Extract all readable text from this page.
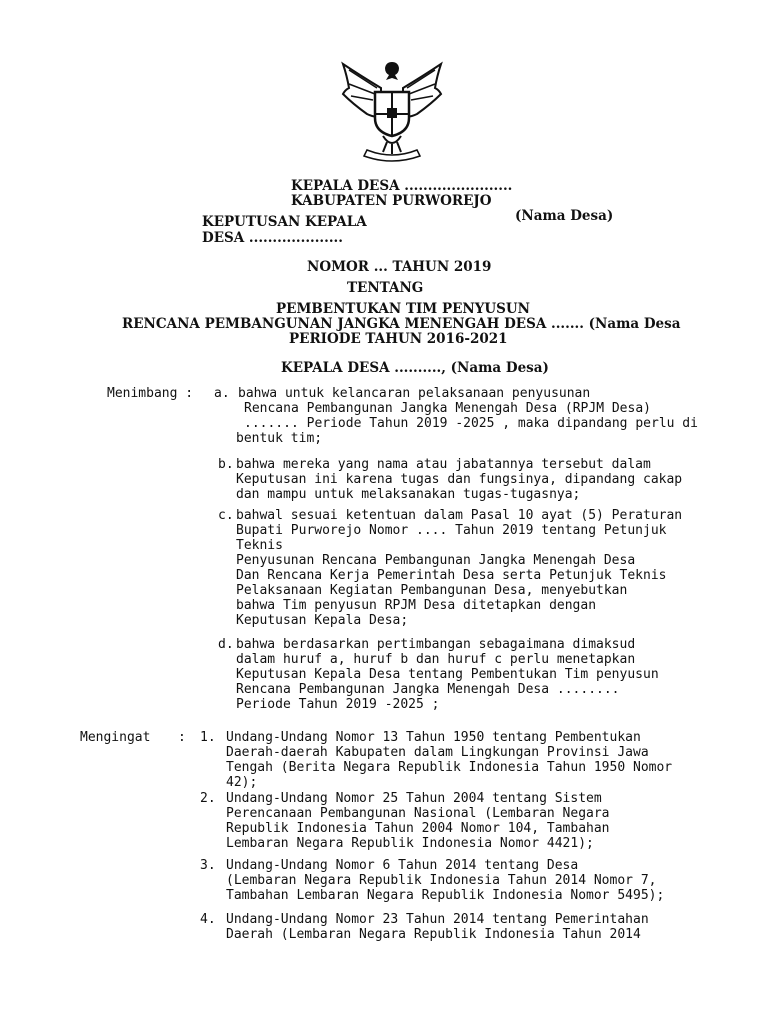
KEPALA DESA .......................
KABUPATEN PURWOREJO
(Nama Desa)
KEPUTUSAN KEPALA
DESA ....................
NOMOR ... TAHUN 2019
TENTANG
PEMBENTUKAN TIM PENYUSUN
RENCANA PEMBANGUNAN JANGKA MENENGAH DESA ....... (Nama Desa
PERIODE TAHUN 2016-2021
KEPALA DESA .........., (Nama Desa)
Menimbang : a. bahwa untuk kelancaran pelaksanaan penyusunan
Rencana Pembangunan Jangka Menengah Desa (RPJM Desa)
....... Periode Tahun 2019 -2025 , maka dipandang perlu di
bentuk tim;
b. bahwa mereka yang nama atau jabatannya tersebut dalam
Keputusan ini karena tugas dan fungsinya, dipandang cakap
dan mampu untuk melaksanakan tugas-tugasnya;
c. bahwal sesuai ketentuan dalam Pasal 10 ayat (5) Peraturan
Bupati Purworejo Nomor .... Tahun 2019 tentang Petunjuk
Teknis
Penyusunan Rencana Pembangunan Jangka Menengah Desa
Dan Rencana Kerja Pemerintah Desa serta Petunjuk Teknis
Pelaksanaan Kegiatan Pembangunan Desa, menyebutkan
bahwa Tim penyusun RPJM Desa ditetapkan dengan
Keputusan Kepala Desa;
d. bahwa berdasarkan pertimbangan sebagaimana dimaksud
dalam huruf a, huruf b dan huruf c perlu menetapkan
Keputusan Kepala Desa tentang Pembentukan Tim penyusun
Rencana Pembangunan Jangka Menengah Desa ........
Periode Tahun 2019 -2025 ;
Mengingat : 1. Undang-Undang Nomor 13 Tahun 1950 tentang Pembentukan
Daerah-daerah Kabupaten dalam Lingkungan Provinsi Jawa
Tengah (Berita Negara Republik Indonesia Tahun 1950 Nomor
42);
2. Undang-Undang Nomor 25 Tahun 2004 tentang Sistem
Perencanaan Pembangunan Nasional (Lembaran Negara
Republik Indonesia Tahun 2004 Nomor 104, Tambahan
Lembaran Negara Republik Indonesia Nomor 4421);
3. Undang-Undang Nomor 6 Tahun 2014 tentang Desa
(Lembaran Negara Republik Indonesia Tahun 2014 Nomor 7,
Tambahan Lembaran Negara Republik Indonesia Nomor 5495);
4. Undang-Undang Nomor 23 Tahun 2014 tentang Pemerintahan
Daerah (Lembaran Negara Republik Indonesia Tahun 2014
